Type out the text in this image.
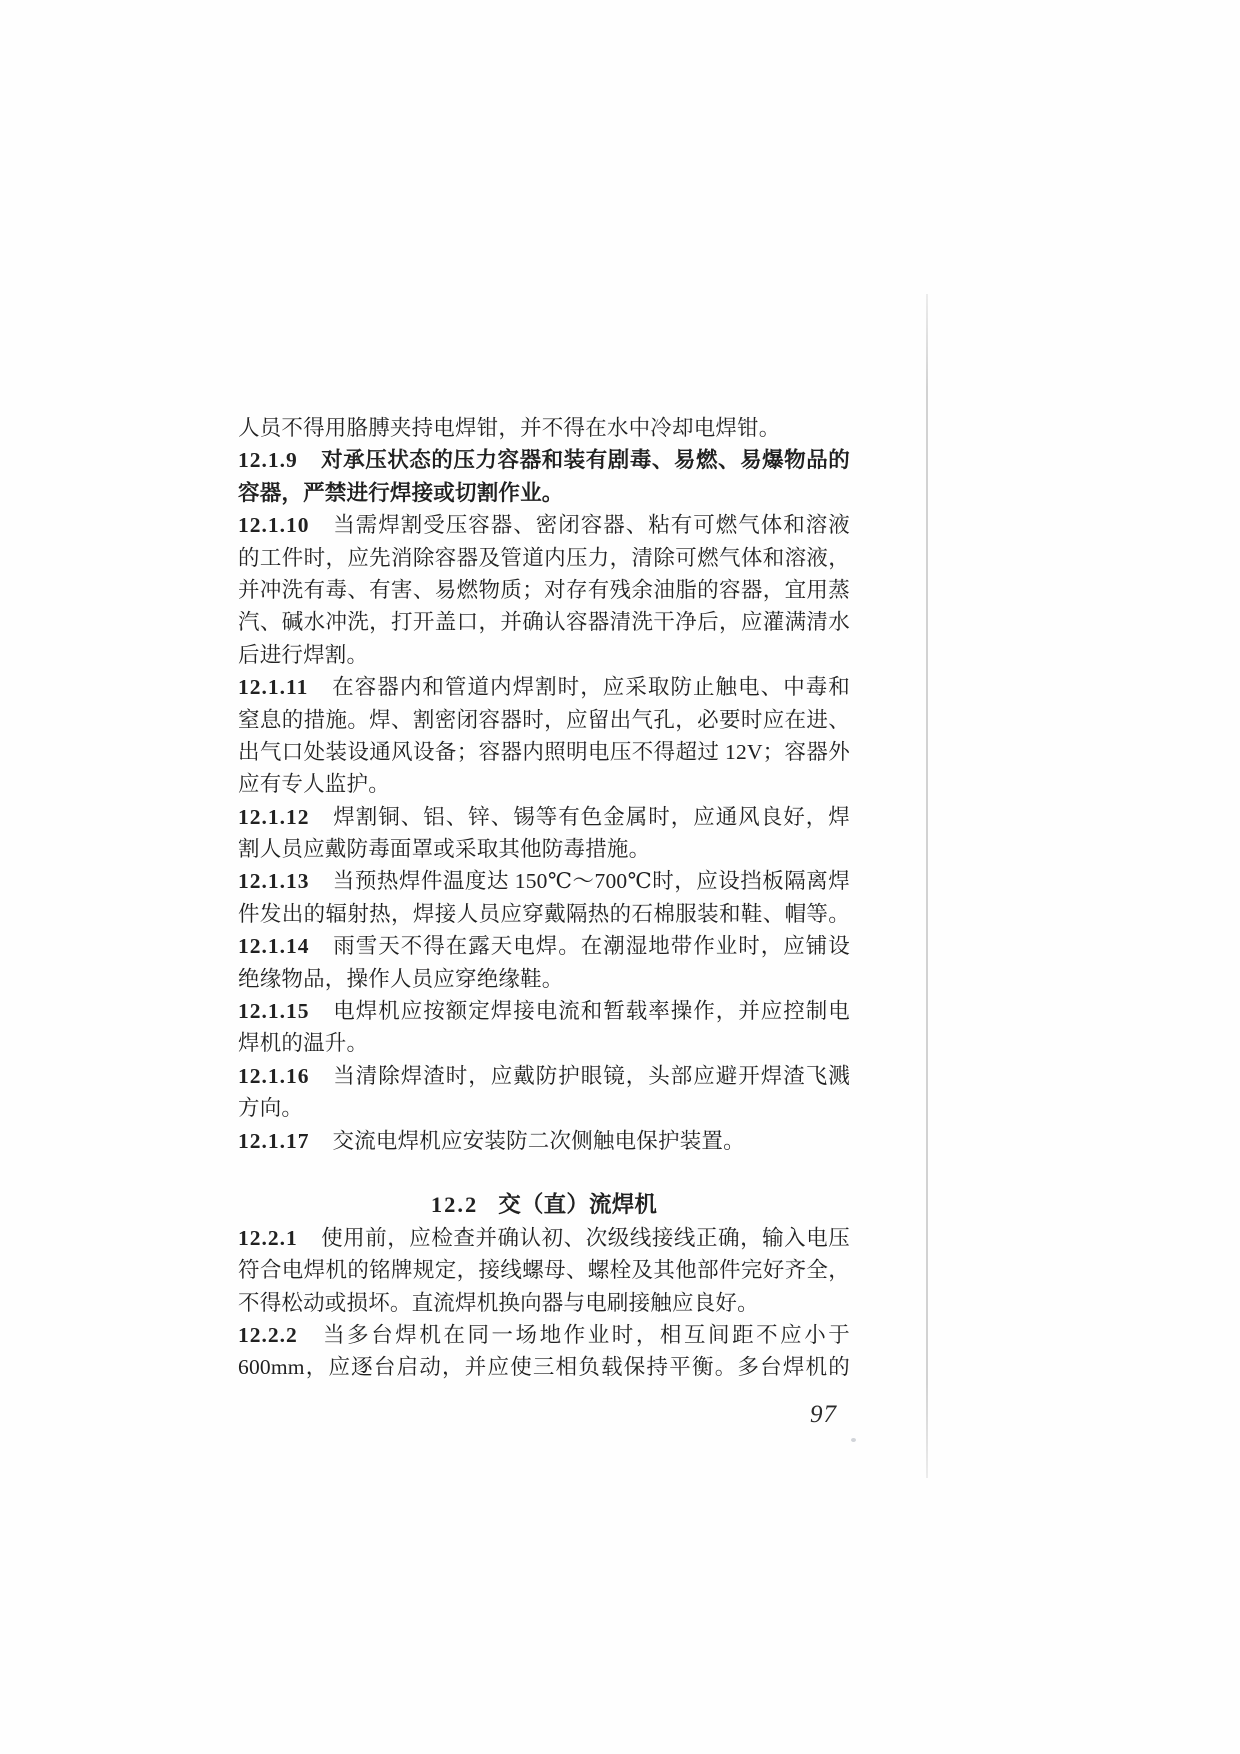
人员不得用胳膊夹持电焊钳，并不得在水中冷却电焊钳。
12.1.9 对承压状态的压力容器和装有剧毒、易燃、易爆物品的
容器，严禁进行焊接或切割作业。
12.1.10 当需焊割受压容器、密闭容器、粘有可燃气体和溶液
的工件时，应先消除容器及管道内压力，清除可燃气体和溶液，
并冲洗有毒、有害、易燃物质；对存有残余油脂的容器，宜用蒸
汽、碱水冲洗，打开盖口，并确认容器清洗干净后，应灌满清水
后进行焊割。
12.1.11 在容器内和管道内焊割时，应采取防止触电、中毒和
窒息的措施。焊、割密闭容器时，应留出气孔，必要时应在进、
出气口处装设通风设备；容器内照明电压不得超过 12V；容器外
应有专人监护。
12.1.12 焊割铜、铝、锌、锡等有色金属时，应通风良好，焊
割人员应戴防毒面罩或采取其他防毒措施。
12.1.13 当预热焊件温度达 150℃～700℃时，应设挡板隔离焊
件发出的辐射热，焊接人员应穿戴隔热的石棉服装和鞋、帽等。
12.1.14 雨雪天不得在露天电焊。在潮湿地带作业时，应铺设
绝缘物品，操作人员应穿绝缘鞋。
12.1.15 电焊机应按额定焊接电流和暂载率操作，并应控制电
焊机的温升。
12.1.16 当清除焊渣时，应戴防护眼镜，头部应避开焊渣飞溅
方向。
12.1.17 交流电焊机应安装防二次侧触电保护装置。
12.2 交（直）流焊机
12.2.1 使用前，应检查并确认初、次级线接线正确，输入电压
符合电焊机的铭牌规定，接线螺母、螺栓及其他部件完好齐全，
不得松动或损坏。直流焊机换向器与电刷接触应良好。
12.2.2 当多台焊机在同一场地作业时，相互间距不应小于
600mm，应逐台启动，并应使三相负载保持平衡。多台焊机的
97
